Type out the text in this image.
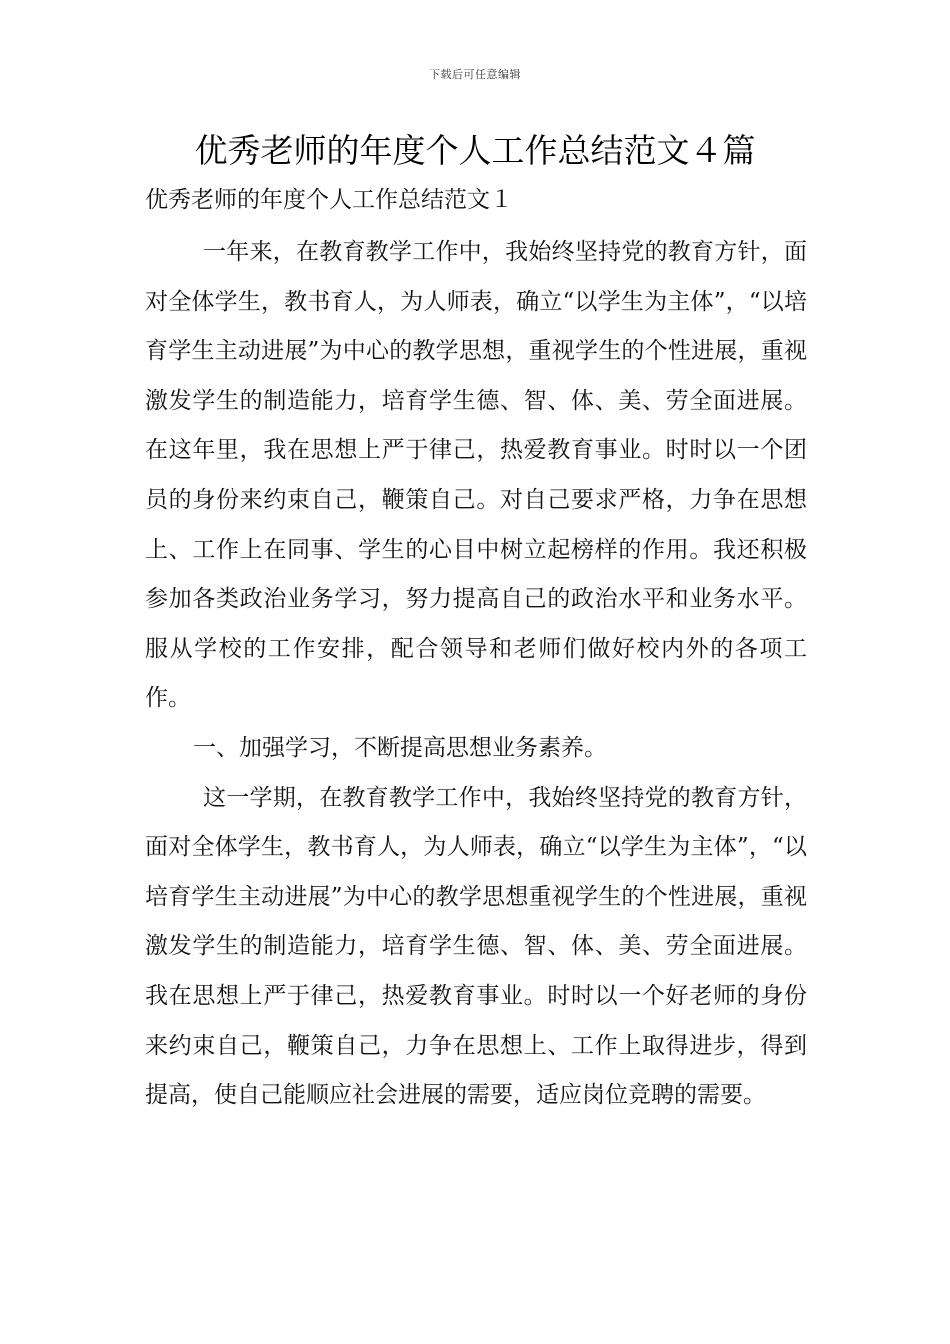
下载后可任意编辑
优秀老师的年度个人工作总结范文４篇

优秀老师的年度个人工作总结范文１

一年来，在教育教学工作中，我始终坚持党的教育方针，面对全体学生，教书育人，为人师表，确立“以学生为主体”，“以培育学生主动进展”为中心的教学思想，重视学生的个性进展，重视激发学生的制造能力，培育学生德、智、体、美、劳全面进展。在这年里，我在思想上严于律己，热爱教育事业。时时以一个团员的身份来约束自己，鞭策自己。对自己要求严格，力争在思想上、工作上在同事、学生的心目中树立起榜样的作用。我还积极参加各类政治业务学习，努力提高自己的政治水平和业务水平。服从学校的工作安排，配合领导和老师们做好校内外的各项工作。

一、加强学习，不断提高思想业务素养。

这一学期，在教育教学工作中，我始终坚持党的教育方针，面对全体学生，教书育人，为人师表，确立“以学生为主体”，“以培育学生主动进展”为中心的教学思想重视学生的个性进展，重视激发学生的制造能力，培育学生德、智、体、美、劳全面进展。我在思想上严于律己，热爱教育事业。时时以一个好老师的身份来约束自己，鞭策自己，力争在思想上、工作上取得进步，得到提高，使自己能顺应社会进展的需要，适应岗位竞聘的需要。
